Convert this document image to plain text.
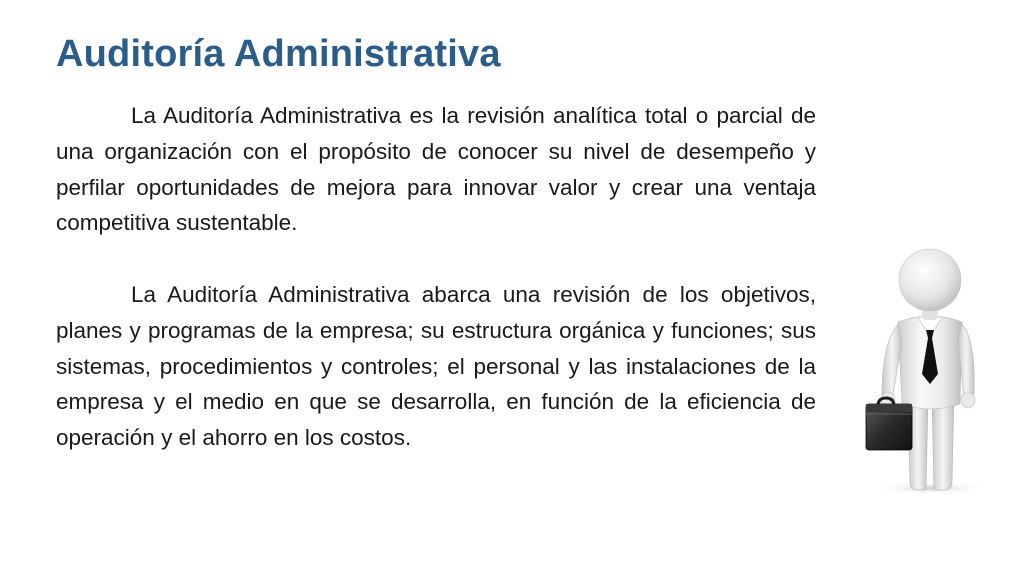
Auditoría Administrativa

La Auditoría Administrativa es la revisión analítica total o parcial de una organización con el propósito de conocer su nivel de desempeño y perfilar oportunidades de mejora para innovar valor y crear una ventaja competitiva sustentable.

La Auditoría Administrativa abarca una revisión de los objetivos, planes y programas de la empresa; su estructura orgánica y funciones; sus sistemas, procedimientos y controles; el personal y las instalaciones de la empresa y el medio en que se desarrolla, en función de la eficiencia de operación y el ahorro en los costos.
